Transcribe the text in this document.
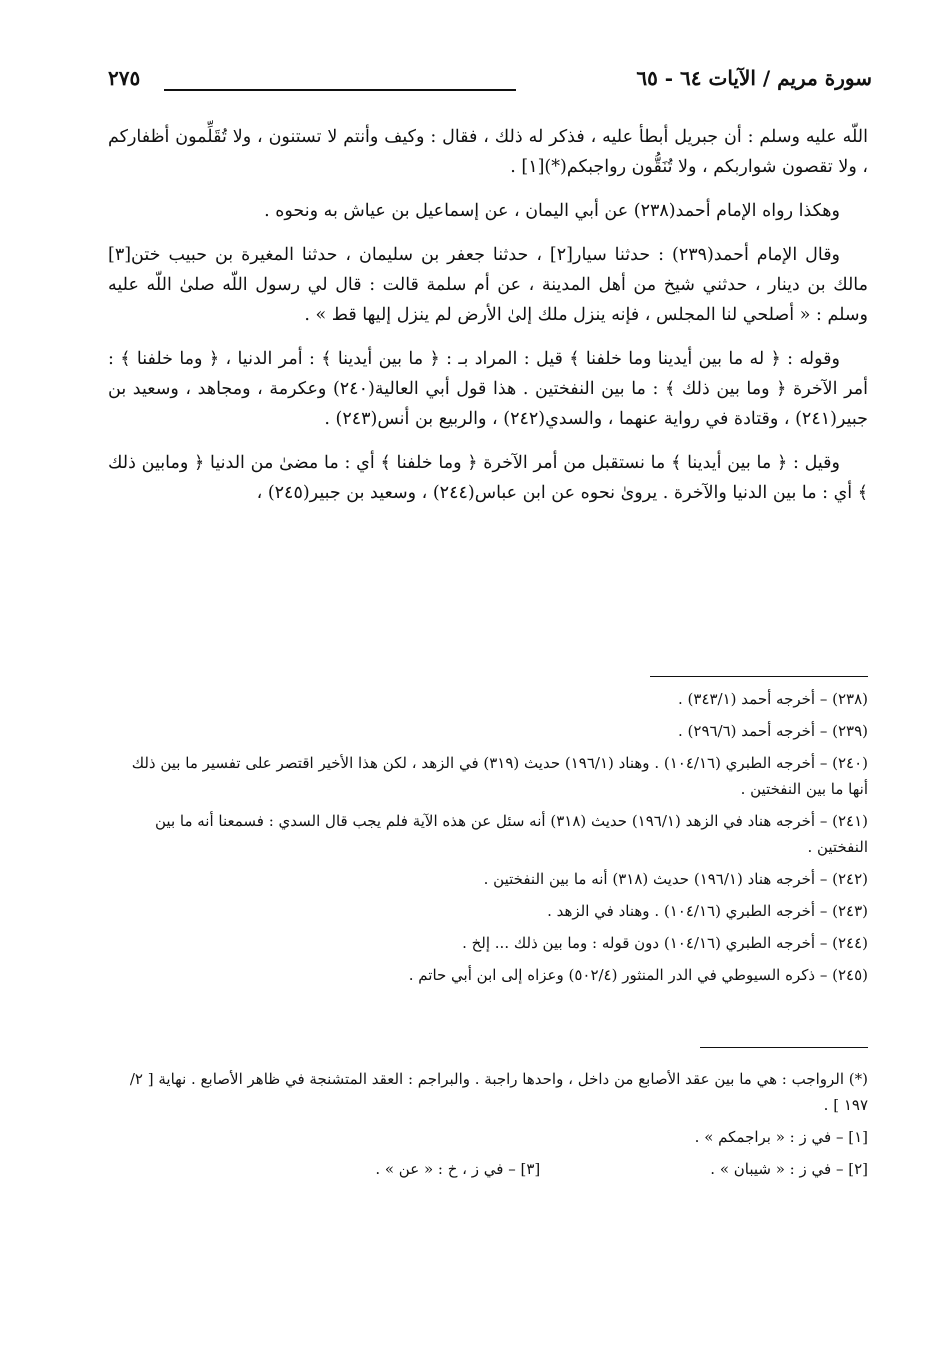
سورة مريم / الآيات ٦٤ - ٦٥
٢٧٥

اللّه عليه وسلم : أن جبريل أبطأ عليه ، فذكر له ذلك ، فقال : وكيف وأنتم لا تستنون ، ولا تُقَلِّمون أظفاركم ، ولا تقصون شواربكم ، ولا تُنَقُّون رواجبكم(*)[١] .

وهكذا رواه الإمام أحمد(٢٣٨) عن أبي اليمان ، عن إسماعيل بن عياش به ونحوه .

وقال الإمام أحمد(٢٣٩) : حدثنا سيار[٢] ، حدثنا جعفر بن سليمان ، حدثنا المغيرة بن حبيب ختن[٣] مالك بن دينار ، حدثني شيخ من أهل المدينة ، عن أم سلمة قالت : قال لي رسول اللّه صلىٰ اللّه عليه وسلم : « أصلحي لنا المجلس ، فإنه ينزل ملك إلىٰ الأرض لم ينزل إليها قط » .

وقوله : ﴿ له ما بين أيدينا وما خلفنا ﴾ قيل : المراد بـ : ﴿ ما بين أيدينا ﴾ : أمر الدنيا ، ﴿ وما خلفنا ﴾ : أمر الآخرة ﴿ وما بين ذلك ﴾ : ما بين النفختين . هذا قول أبي العالية(٢٤٠) وعكرمة ، ومجاهد ، وسعيد بن جبير(٢٤١) ، وقتادة في رواية عنهما ، والسدي(٢٤٢) ، والربيع بن أنس(٢٤٣) .

وقيل : ﴿ ما بين أيدينا ﴾ ما نستقبل من أمر الآخرة ﴿ وما خلفنا ﴾ أي : ما مضىٰ من الدنيا ﴿ ومابين ذلك ﴾ أي : ما بين الدنيا والآخرة . يروىٰ نحوه عن ابن عباس(٢٤٤) ، وسعيد بن جبير(٢٤٥) ،

(٢٣٨) – أخرجه أحمد (٣٤٣/١) .
(٢٣٩) – أخرجه أحمد (٢٩٦/٦) .
(٢٤٠) – أخرجه الطبري (١٠٤/١٦) . وهناد (١٩٦/١) حديث (٣١٩) في الزهد ، لكن هذا الأخير اقتصر على تفسير ما بين ذلك أنها ما بين النفختين .
(٢٤١) – أخرجه هناد في الزهد (١٩٦/١) حديث (٣١٨) أنه سئل عن هذه الآية فلم يجب قال السدي : فسمعنا أنه ما بين النفختين .
(٢٤٢) – أخرجه هناد (١٩٦/١) حديث (٣١٨) أنه ما بين النفختين .
(٢٤٣) – أخرجه الطبري (١٠٤/١٦) . وهناد في الزهد .
(٢٤٤) – أخرجه الطبري (١٠٤/١٦) دون قوله : وما بين ذلك ... إلخ .
(٢٤٥) – ذكره السيوطي في الدر المنثور (٥٠٢/٤) وعزاه إلى ابن أبي حاتم .
(*) الرواجب : هي ما بين عقد الأصابع من داخل ، واحدها راجبة . والبراجم : العقد المتشنجة في ظاهر الأصابع . نهاية [ ٢/ ١٩٧ ] .
[١] – في ز : « براجمكم » .
[٢] – في ز : « شيبان » .
[٣] – في ز ، خ : « عن » .
